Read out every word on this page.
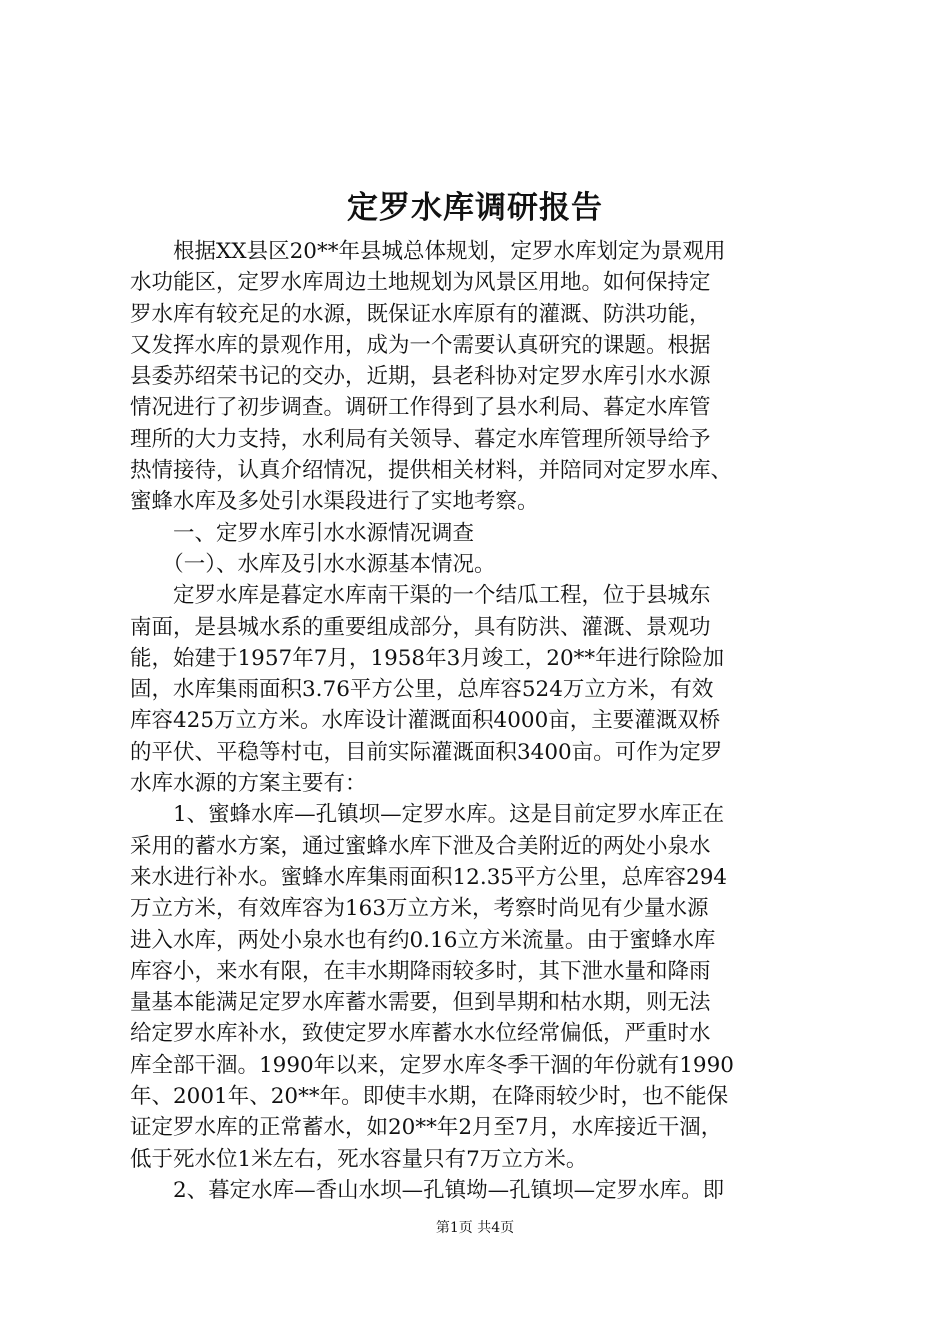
定罗水库调研报告
　　根据XX县区20**年县城总体规划，定罗水库划定为景观用
水功能区，定罗水库周边土地规划为风景区用地。如何保持定
罗水库有较充足的水源，既保证水库原有的灌溉、防洪功能，
又发挥水库的景观作用，成为一个需要认真研究的课题。根据
县委苏绍荣书记的交办，近期，县老科协对定罗水库引水水源
情况进行了初步调查。调研工作得到了县水利局、暮定水库管
理所的大力支持，水利局有关领导、暮定水库管理所领导给予
热情接待，认真介绍情况，提供相关材料，并陪同对定罗水库、
蜜蜂水库及多处引水渠段进行了实地考察。
　　一、定罗水库引水水源情况调查
　　（一）、水库及引水水源基本情况。
　　定罗水库是暮定水库南干渠的一个结瓜工程，位于县城东
南面，是县城水系的重要组成部分，具有防洪、灌溉、景观功
能，始建于1957年7月，1958年3月竣工，20**年进行除险加
固，水库集雨面积3.76平方公里，总库容524万立方米，有效
库容425万立方米。水库设计灌溉面积4000亩，主要灌溉双桥
的平伏、平稳等村屯，目前实际灌溉面积3400亩。可作为定罗
水库水源的方案主要有：
　　1、蜜蜂水库—孔镇坝—定罗水库。这是目前定罗水库正在
采用的蓄水方案，通过蜜蜂水库下泄及合美附近的两处小泉水
来水进行补水。蜜蜂水库集雨面积12.35平方公里，总库容294
万立方米，有效库容为163万立方米，考察时尚见有少量水源
进入水库，两处小泉水也有约0.16立方米流量。由于蜜蜂水库
库容小，来水有限，在丰水期降雨较多时，其下泄水量和降雨
量基本能满足定罗水库蓄水需要，但到旱期和枯水期，则无法
给定罗水库补水，致使定罗水库蓄水水位经常偏低，严重时水
库全部干涸。1990年以来，定罗水库冬季干涸的年份就有1990
年、2001年、20**年。即使丰水期，在降雨较少时，也不能保
证定罗水库的正常蓄水，如20**年2月至7月，水库接近干涸，
低于死水位1米左右，死水容量只有7万立方米。
　　2、暮定水库—香山水坝—孔镇坳—孔镇坝—定罗水库。即
第1页 共4页
